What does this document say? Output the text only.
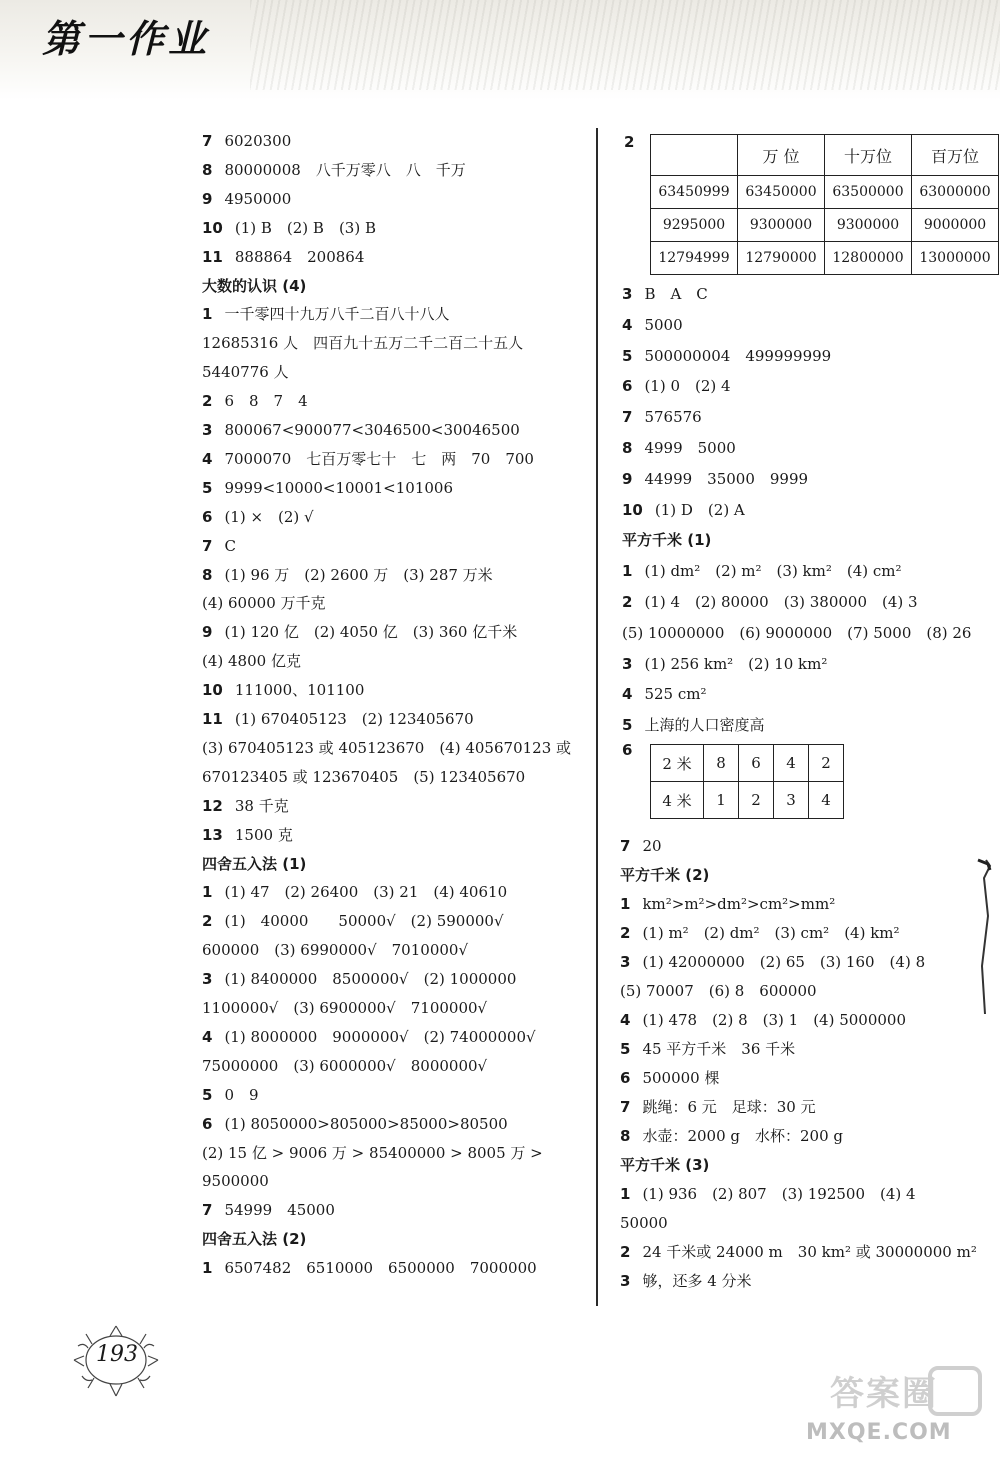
第一作业
7 6020300
8 80000008　八千万零八　八　千万
9 4950000
10 (1) B　(2) B　(3) B
11 888864　200864
大数的认识 (4)
1 一千零四十九万八千二百八十八人
12685316 人　四百九十五万二千二百二十五人
5440776 人
2 6　8　7　4
3 800067<900077<3046500<30046500
4 7000070　七百万零七十　七　两　70　700
5 9999<10000<10001<101006
6 (1) ×　(2) √
7 C
8 (1) 96 万　(2) 2600 万　(3) 287 万米
(4) 60000 万千克
9 (1) 120 亿　(2) 4050 亿　(3) 360 亿千米
(4) 4800 亿克
10 111000、101100
11 (1) 670405123　(2) 123405670
(3) 670405123 或 405123670　(4) 405670123 或
670123405 或 123670405　(5) 123405670
12 38 千克
13 1500 克
四舍五入法 (1)
1 (1) 47　(2) 26400　(3) 21　(4) 40610
2 (1)　40000　　50000√　(2) 590000√
600000　(3) 6990000√　7010000√
3 (1) 8400000　8500000√　(2) 1000000
1100000√　(3) 6900000√　7100000√
4 (1) 8000000　9000000√　(2) 74000000√
75000000　(3) 6000000√　8000000√
5 0　9
6 (1) 8050000>805000>85000>80500
(2) 15 亿 > 9006 万 > 85400000 > 8005 万 >
9500000
7 54999　45000
四舍五入法 (2)
1 6507482　6510000　6500000　7000000
2
	万 位	十万位	百万位
63450999	63450000	63500000	63000000
9295000	9300000	9300000	9000000
12794999	12790000	12800000	13000000
3 B　A　C
4 5000
5 500000004　499999999
6 (1) 0　(2) 4
7 576576
8 4999　5000
9 44999　35000　9999
10 (1) D　(2) A
平方千米 (1)
1 (1) dm²　(2) m²　(3) km²　(4) cm²
2 (1) 4　(2) 80000　(3) 380000　(4) 3
(5) 10000000　(6) 9000000　(7) 5000　(8) 26
3 (1) 256 km²　(2) 10 km²
4 525 cm²
5 上海的人口密度高
6
2 米	8	6	4	2
4 米	1	2	3	4
7 20
平方千米 (2)
1 km²>m²>dm²>cm²>mm²
2 (1) m²　(2) dm²　(3) cm²　(4) km²
3 (1) 42000000　(2) 65　(3) 160　(4) 8
(5) 70007　(6) 8　600000
4 (1) 478　(2) 8　(3) 1　(4) 5000000
5 45 平方千米　36 千米
6 500000 棵
7 跳绳：6 元　足球：30 元
8 水壶：2000 g　水杯：200 g
平方千米 (3)
1 (1) 936　(2) 807　(3) 192500　(4) 4
50000
2 24 千米或 24000 m　30 km² 或 30000000 m²
3 够，还多 4 分米
193
答案圈
MXQE.COM
